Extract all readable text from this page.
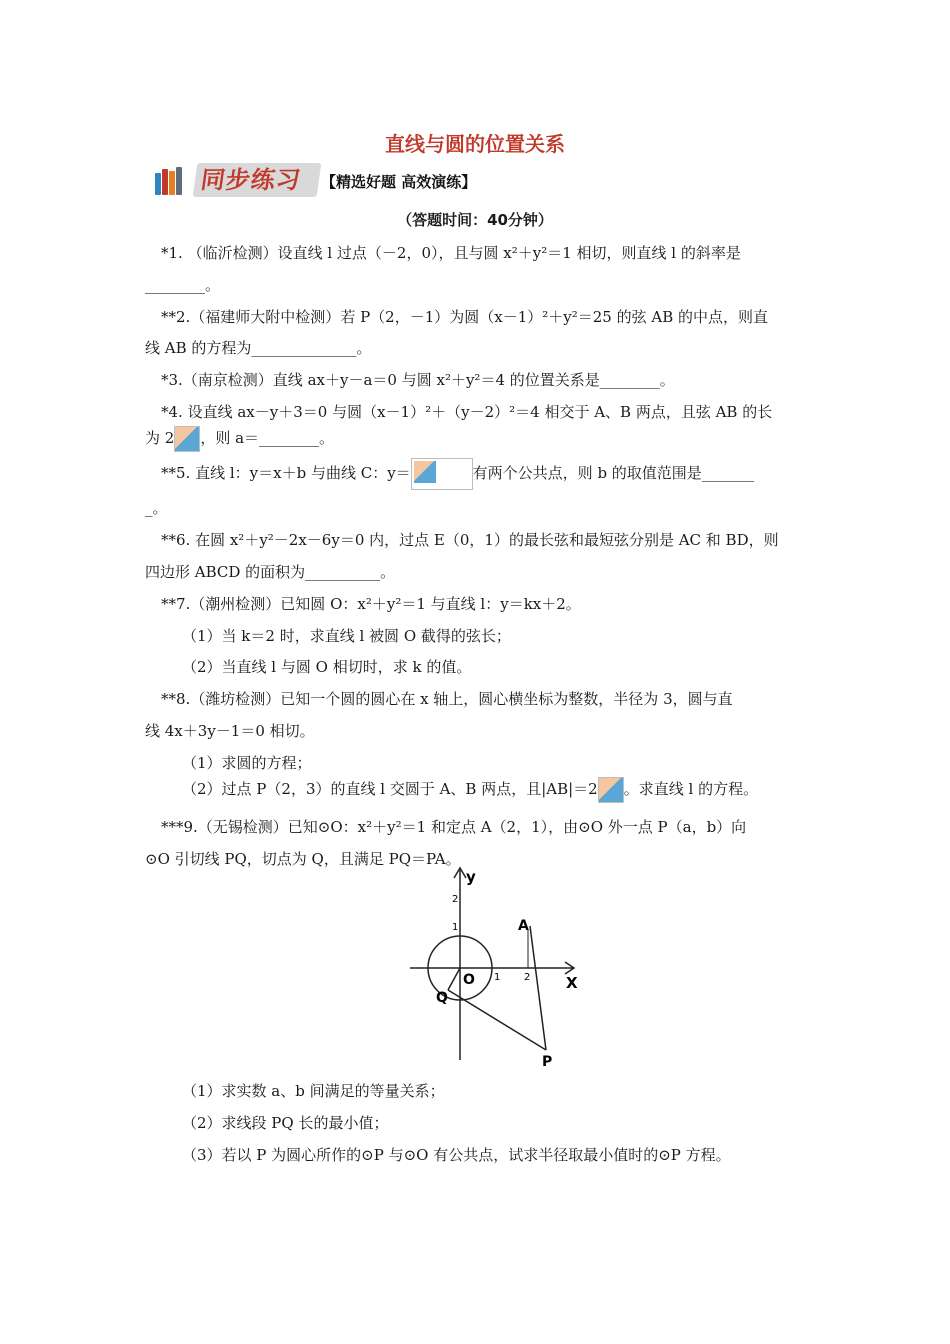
直线与圆的位置关系
同步练习	【精选好题 高效演练】
（答题时间：40分钟）
*1. （临沂检测）设直线 l 过点（－2，0），且与圆 x²＋y²＝1 相切，则直线 l 的斜率是
________。
**2.（福建师大附中检测）若 P（2，－1）为圆（x－1）²＋y²＝25 的弦 AB 的中点，则直
线 AB 的方程为______________。
*3.（南京检测）直线 ax＋y－a＝0 与圆 x²＋y²＝4 的位置关系是________。
*4. 设直线 ax－y＋3＝0 与圆（x－1）²＋（y－2）²＝4 相交于 A、B 两点，且弦 AB 的长
为 2 ，则 a＝________。
**5. 直线 l：y＝x＋b 与曲线 C：y＝	有两个公共点，则 b 的取值范围是_______
_。
**6. 在圆 x²＋y²－2x－6y＝0 内，过点 E（0，1）的最长弦和最短弦分别是 AC 和 BD，则
四边形 ABCD 的面积为__________。
**7.（潮州检测）已知圆 O：x²＋y²＝1 与直线 l：y＝kx＋2。
（1）当 k＝2 时，求直线 l 被圆 O 截得的弦长；
（2）当直线 l 与圆 O 相切时，求 k 的值。
**8.（潍坊检测）已知一个圆的圆心在 x 轴上，圆心横坐标为整数，半径为 3，圆与直
线 4x＋3y－1＝0 相切。
（1）求圆的方程；
（2）过点 P（2，3）的直线 l 交圆于 A、B 两点，且|AB|＝2 。求直线 l 的方程。
***9.（无锡检测）已知⊙O：x²＋y²＝1 和定点 A（2，1），由⊙O 外一点 P（a，b）向
⊙O 引切线 PQ，切点为 Q，且满足 PQ＝PA。
y
X
2
1
1 2
O
A
Q
P
（1）求实数 a、b 间满足的等量关系；
（2）求线段 PQ 长的最小值；
（3）若以 P 为圆心所作的⊙P 与⊙O 有公共点，试求半径取最小值时的⊙P 方程。
